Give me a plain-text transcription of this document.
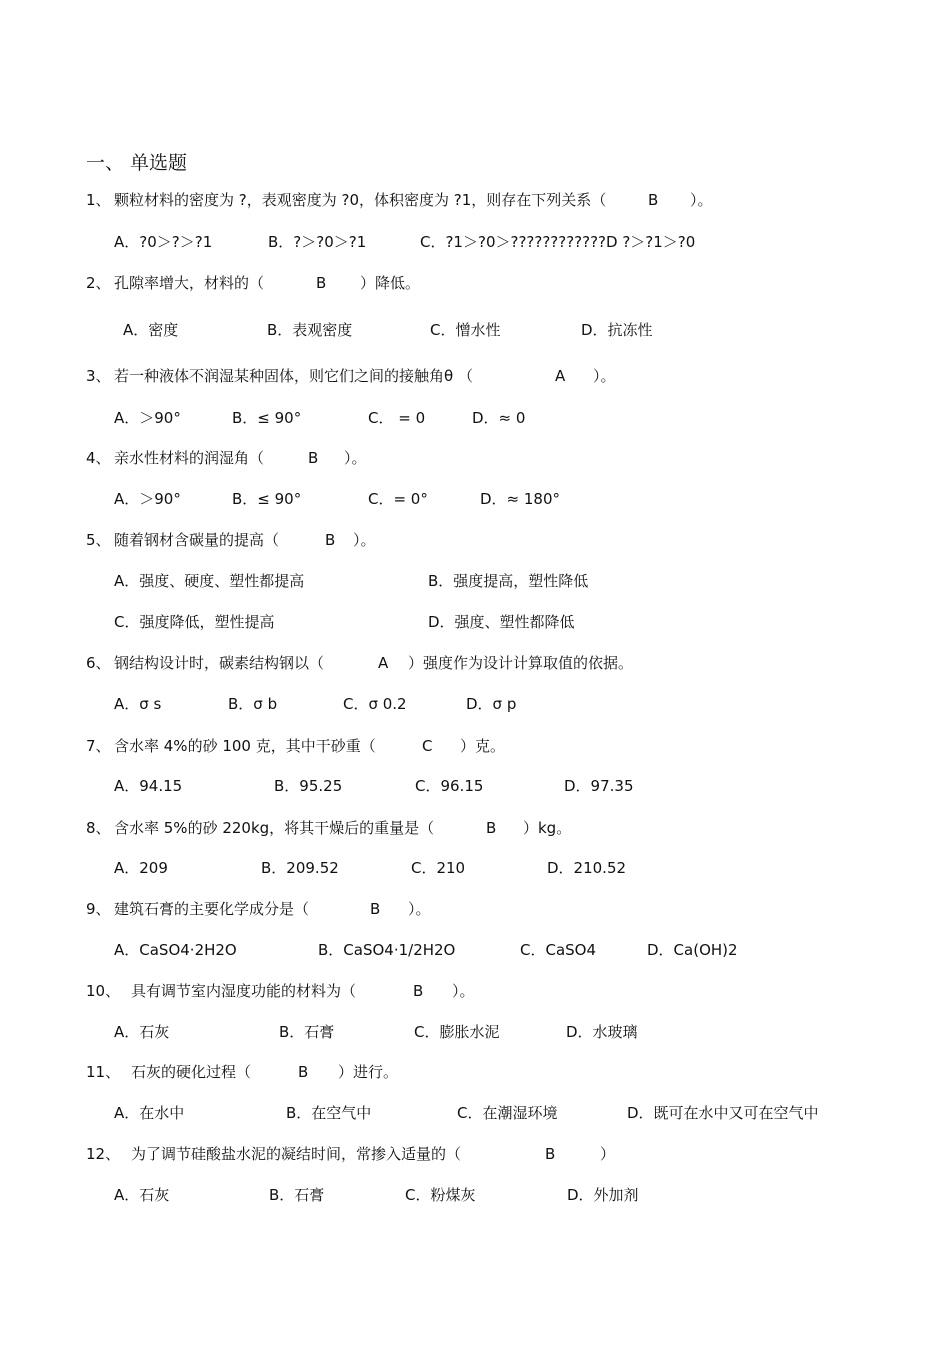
一、 单选题
1、 颗粒材料的密度为 ?，表观密度为 ?0，体积密度为 ?1，则存在下列关系（	B ）。
A．?0＞?＞?1	B．?＞?0＞?1	C．?1＞?0＞????????????D ?＞?1＞?0
2、 孔隙率增大，材料的（	B ）降低。
A．密度	B．表观密度	C．憎水性	D．抗冻性
3、 若一种液体不润湿某种固体，则它们之间的接触角θ （	A ）。
A．＞90°	B．≤ 90°	C． = 0	D．≈ 0
4、 亲水性材料的润湿角（	B ）。
A．＞90°	B．≤ 90°	C．= 0°	D．≈ 180°
5、 随着钢材含碳量的提高（	B ）。
A．强度、硬度、塑性都提高	B．强度提高，塑性降低
C．强度降低，塑性提高	D．强度、塑性都降低
6、 钢结构设计时，碳素结构钢以（	A ）强度作为设计计算取值的依据。
A．σ s	B．σ b	C．σ 0.2	D．σ p
7、 含水率 4%的砂 100 克，其中干砂重（	C ）克。
A．94.15	B．95.25	C．96.15	D．97.35
8、 含水率 5%的砂 220kg，将其干燥后的重量是（	B ）kg。
A．209	B．209.52	C．210	D．210.52
9、 建筑石膏的主要化学成分是（	B ）。
A．CaSO4·2H2O	B．CaSO4·1/2H2O	C．CaSO4	D．Ca(OH)2
10、 具有调节室内湿度功能的材料为（	B ）。
A．石灰	B．石膏	C．膨胀水泥	D．水玻璃
11、 石灰的硬化过程（	B ）进行。
A．在水中	B．在空气中	C．在潮湿环境	D．既可在水中又可在空气中
12、 为了调节硅酸盐水泥的凝结时间，常掺入适量的（	B	）
A．石灰	B．石膏	C．粉煤灰	D．外加剂
